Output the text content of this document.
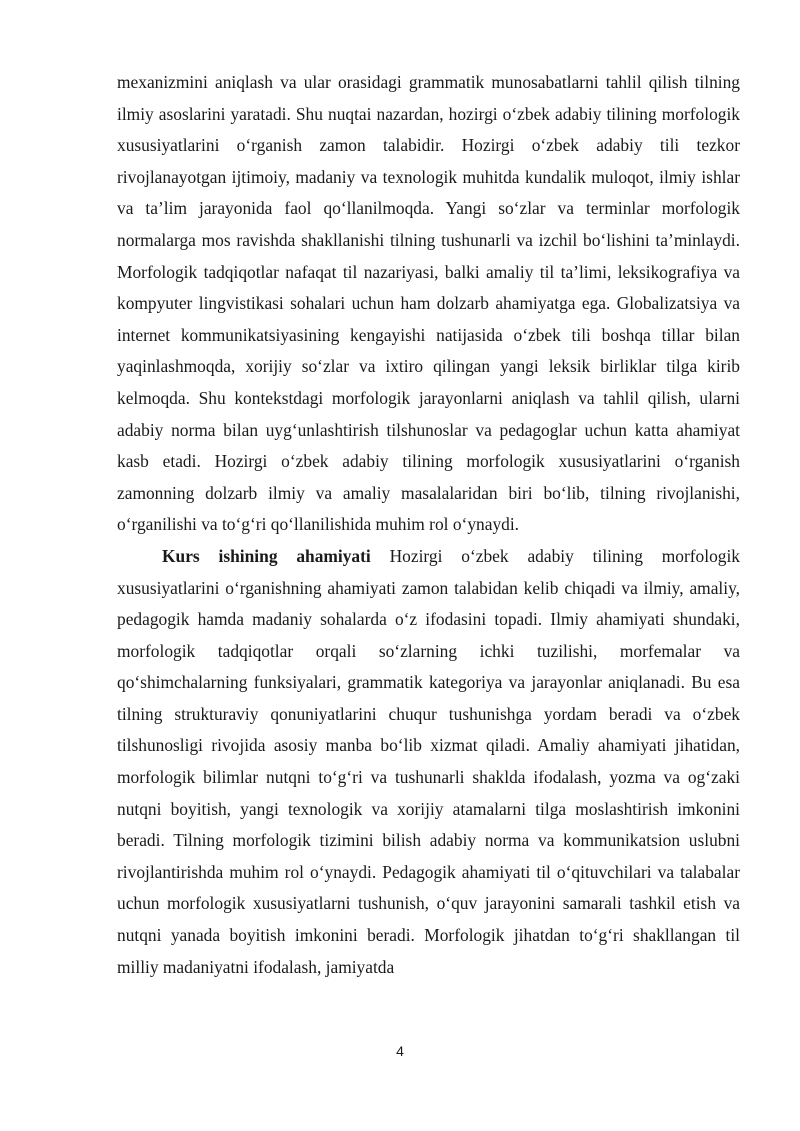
mexanizmini aniqlash va ular orasidagi grammatik munosabatlarni tahlil qilish tilning ilmiy asoslarini yaratadi. Shu nuqtai nazardan, hozirgi o‘zbek adabiy tilining morfologik xususiyatlarini o‘rganish zamon talabidir. Hozirgi o‘zbek adabiy tili tezkor rivojlanayotgan ijtimoiy, madaniy va texnologik muhitda kundalik muloqot, ilmiy ishlar va ta’lim jarayonida faol qo‘llanilmoqda. Yangi so‘zlar va terminlar morfologik normalarga mos ravishda shakllanishi tilning tushunarli va izchil bo‘lishini ta’minlaydi. Morfologik tadqiqotlar nafaqat til nazariyasi, balki amaliy til ta’limi, leksikografiya va kompyuter lingvistikasi sohalari uchun ham dolzarb ahamiyatga ega. Globalizatsiya va internet kommunikatsiyasining kengayishi natijasida o‘zbek tili boshqa tillar bilan yaqinlashmoqda, xorijiy so‘zlar va ixtiro qilingan yangi leksik birliklar tilga kirib kelmoqda. Shu kontekstdagi morfologik jarayonlarni aniqlash va tahlil qilish, ularni adabiy norma bilan uyg‘unlashtirish tilshunoslar va pedagoglar uchun katta ahamiyat kasb etadi. Hozirgi o‘zbek adabiy tilining morfologik xususiyatlarini o‘rganish zamonning dolzarb ilmiy va amaliy masalalaridan biri bo‘lib, tilning rivojlanishi, o‘rganilishi va to‘g‘ri qo‘llanilishida muhim rol o‘ynaydi.

Kurs ishining ahamiyati Hozirgi o‘zbek adabiy tilining morfologik xususiyatlarini o‘rganishning ahamiyati zamon talabidan kelib chiqadi va ilmiy, amaliy, pedagogik hamda madaniy sohalarda o‘z ifodasini topadi. Ilmiy ahamiyati shundaki, morfologik tadqiqotlar orqali so‘zlarning ichki tuzilishi, morfemalar va qo‘shimchalarning funksiyalari, grammatik kategoriya va jarayonlar aniqlanadi. Bu esa tilning strukturaviy qonuniyatlarini chuqur tushunishga yordam beradi va o‘zbek tilshunosligi rivojida asosiy manba bo‘lib xizmat qiladi. Amaliy ahamiyati jihatidan, morfologik bilimlar nutqni to‘g‘ri va tushunarli shaklda ifodalash, yozma va og‘zaki nutqni boyitish, yangi texnologik va xorijiy atamalarni tilga moslashtirish imkonini beradi. Tilning morfologik tizimini bilish adabiy norma va kommunikatsion uslubni rivojlantirishda muhim rol o‘ynaydi. Pedagogik ahamiyati til o‘qituvchilari va talabalar uchun morfologik xususiyatlarni tushunish, o‘quv jarayonini samarali tashkil etish va nutqni yanada boyitish imkonini beradi. Morfologik jihatdan to‘g‘ri shakllangan til milliy madaniyatni ifodalash, jamiyatda

4
